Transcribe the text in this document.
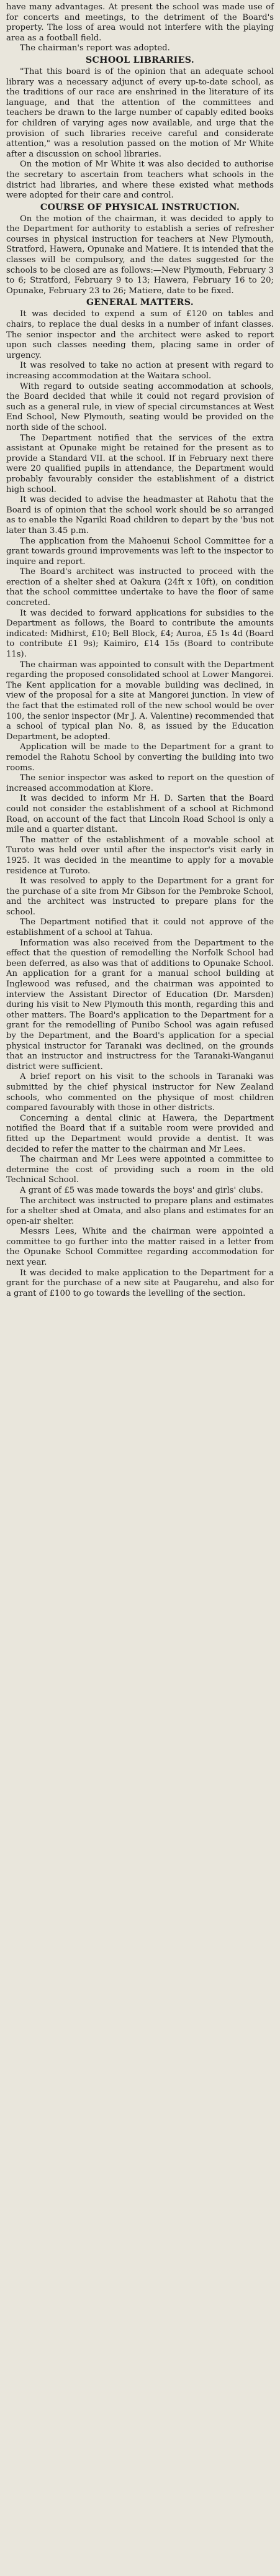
have many advantages. At present the school was made use of for concerts and meetings, to the detriment of the Board's property. The loss of area would not interfere with the playing area as a football field.

The chairman's report was adopted.

SCHOOL LIBRARIES.

"That this board is of the opinion that an adequate school library was a necessary adjunct of every up-to-date school, as the traditions of our race are enshrined in the literature of its language, and that the attention of the committees and teachers be drawn to the large number of capably edited books for children of varying ages now available, and urge that the provision of such libraries receive careful and considerate attention," was a resolution passed on the motion of Mr White after a discussion on school libraries.

On the motion of Mr White it was also decided to authorise the secretary to ascertain from teachers what schools in the district had libraries, and where these existed what methods were adopted for their care and control.

COURSE OF PHYSICAL INSTRUCTION.

On the motion of the chairman, it was decided to apply to the Department for authority to establish a series of refresher courses in physical instruction for teachers at New Plymouth, Stratford, Hawera, Opunake and Matiere. It is intended that the classes will be compulsory, and the dates suggested for the schools to be closed are as follows:—New Plymouth, February 3 to 6; Stratford, February 9 to 13; Hawera, February 16 to 20; Opunake, February 23 to 26; Matiere, date to be fixed.

GENERAL MATTERS.

It was decided to expend a sum of £120 on tables and chairs, to replace the dual desks in a number of infant classes. The senior inspector and the architect were asked to report upon such classes needing them, placing same in order of urgency.

It was resolved to take no action at present with regard to increasing accommodation at the Waitara school.

With regard to outside seating accommodation at schools, the Board decided that while it could not regard provision of such as a general rule, in view of special circumstances at West End School, New Plymouth, seating would be provided on the north side of the school.

The Department notified that the services of the extra assistant at Opunake might be retained for the present as to provide a Standard VII. at the school. If in February next there were 20 qualified pupils in attendance, the Department would probably favourably consider the establishment of a district high school.

It was decided to advise the headmaster at Rahotu that the Board is of opinion that the school work should be so arranged as to enable the Ngariki Road children to depart by the 'bus not later than 3.45 p.m.

The application from the Mahoenui School Committee for a grant towards ground improvements was left to the inspector to inquire and report.

The Board's architect was instructed to proceed with the erection of a shelter shed at Oakura (24ft x 10ft), on condition that the school committee undertake to have the floor of same concreted.

It was decided to forward applications for subsidies to the Department as follows, the Board to contribute the amounts indicated: Midhirst, £10; Bell Block, £4; Auroa, £5 1s 4d (Board to contribute £1 9s); Kaimiro, £14 15s (Board to contribute 11s).

The chairman was appointed to consult with the Department regarding the proposed consolidated school at Lower Mangorei. The Kent application for a movable building was declined, in view of the proposal for a site at Mangorei junction. In view of the fact that the estimated roll of the new school would be over 100, the senior inspector (Mr J. A. Valentine) recommended that a school of typical plan No. 8, as issued by the Education Department, be adopted.

Application will be made to the Department for a grant to remodel the Rahotu School by converting the building into two rooms.

The senior inspector was asked to report on the question of increased accommodation at Kiore.

It was decided to inform Mr H. D. Sarten that the Board could not consider the establishment of a school at Richmond Road, on account of the fact that Lincoln Road School is only a mile and a quarter distant.

The matter of the establishment of a movable school at Turoto was held over until after the inspector's visit early in 1925. It was decided in the meantime to apply for a movable residence at Turoto.

It was resolved to apply to the Department for a grant for the purchase of a site from Mr Gibson for the Pembroke School, and the architect was instructed to prepare plans for the school.

The Department notified that it could not approve of the establishment of a school at Tahua.

Information was also received from the Department to the effect that the question of remodelling the Norfolk School had been deferred, as also was that of additions to Opunake School. An application for a grant for a manual school building at Inglewood was refused, and the chairman was appointed to interview the Assistant Director of Education (Dr. Marsden) during his visit to New Plymouth this month, regarding this and other matters. The Board's application to the Department for a grant for the remodelling of Punibo School was again refused by the Department, and the Board's application for a special physical instructor for Taranaki was declined, on the grounds that an instructor and instructress for the Taranaki-Wanganui district were sufficient.

A brief report on his visit to the schools in Taranaki was submitted by the chief physical instructor for New Zealand schools, who commented on the physique of most children compared favourably with those in other districts.

Concerning a dental clinic at Hawera, the Department notified the Board that if a suitable room were provided and fitted up the Department would provide a dentist. It was decided to refer the matter to the chairman and Mr Lees.

The chairman and Mr Lees were appointed a committee to determine the cost of providing such a room in the old Technical School.

A grant of £5 was made towards the boys' and girls' clubs.

The architect was instructed to prepare plans and estimates for a shelter shed at Omata, and also plans and estimates for an open-air shelter.

Messrs Lees, White and the chairman were appointed a committee to go further into the matter raised in a letter from the Opunake School Committee regarding accommodation for next year.

It was decided to make application to the Department for a grant for the purchase of a new site at Paugarehu, and also for a grant of £100 to go towards the levelling of the section.
